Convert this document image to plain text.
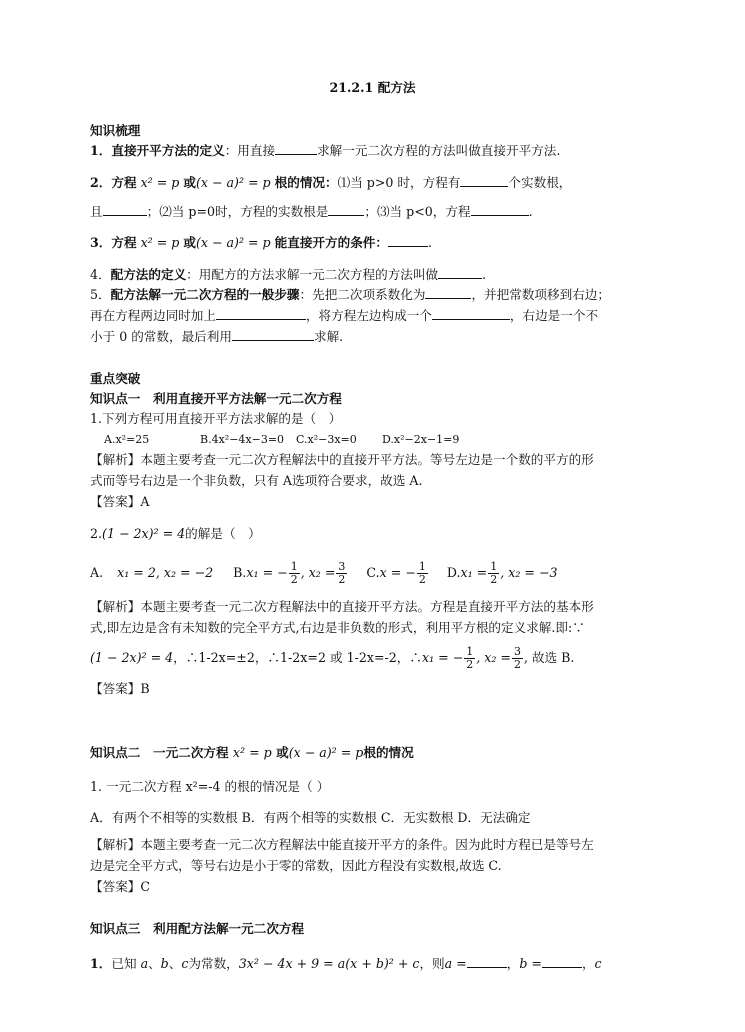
21.2.1 配方法
知识梳理
1．直接开平方法的定义：用直接	求解一元二次方程的方法叫做直接开平方法.
2．方程 x² = p 或(x − a)² = p 根的情况：⑴当 p>0 时，方程有	个实数根，
且	；⑵当 p=0时，方程的实数根是	；⑶当 p<0，方程	.
3．方程 x² = p 或(x − a)² = p 能直接开方的条件：	.
4．配方法的定义：用配方的方法求解一元二次方程的方法叫做	.
5．配方法解一元二次方程的一般步骤：先把二次项系数化为	，并把常数项移到右边；
再在方程两边同时加上	，将方程左边构成一个	，右边是一个不
小于 0 的常数，最后利用	求解.
重点突破
知识点一　利用直接开平方法解一元二次方程
1.下列方程可用直接开平方法求解的是（　）
A.x²=25	B.4x²−4x−3=0 C.x²−3x=0 D.x²−2x−1=9
【解析】本题主要考查一元二次方程解法中的直接开平方法。等号左边是一个数的平方的形
式而等号右边是一个非负数，只有 A选项符合要求，故选 A.
【答案】A
2.(1 − 2x)² = 4的解是（　）
A. x₁ = 2, x₂ = −2 B.x₁ = − $\frac{1}{2}$ , $x_2 = \frac{3}{2} C.x$ = − $\frac{1}{2} D.x_1 = \frac{1}{2}$ , x₂ = −3
【解析】本题主要考查一元二次方程解法中的直接开平方法。方程是直接开平方法的基本形
式,即左边是含有未知数的完全平方式,右边是非负数的形式，利用平方根的定义求解.即:∵
(1 − 2x)² = 4，∴1-2x=±2，∴1-2x=2 或 1-2x=-2，∴x₁ = − $\frac{1}{2}$ , $x_2 = \frac{3}{2}$ , 故选 B.
【答案】B
知识点二　一元二次方程 x² = p 或(x − a)² = p根的情况
1. 一元二次方程 x²=-4 的根的情况是（ ）
A．有两个不相等的实数根 B．有两个相等的实数根 C．无实数根 D．无法确定
【解析】本题主要考查一元二次方程解法中能直接开平方的条件。因为此时方程已是等号左
边是完全平方式，等号右边是小于零的常数，因此方程没有实数根,故选 C.
【答案】C
知识点三　利用配方法解一元二次方程
1．已知 a、b、c为常数，3x² − 4x + 9 = a(x + b)² + c，则a =	，b =	，c
